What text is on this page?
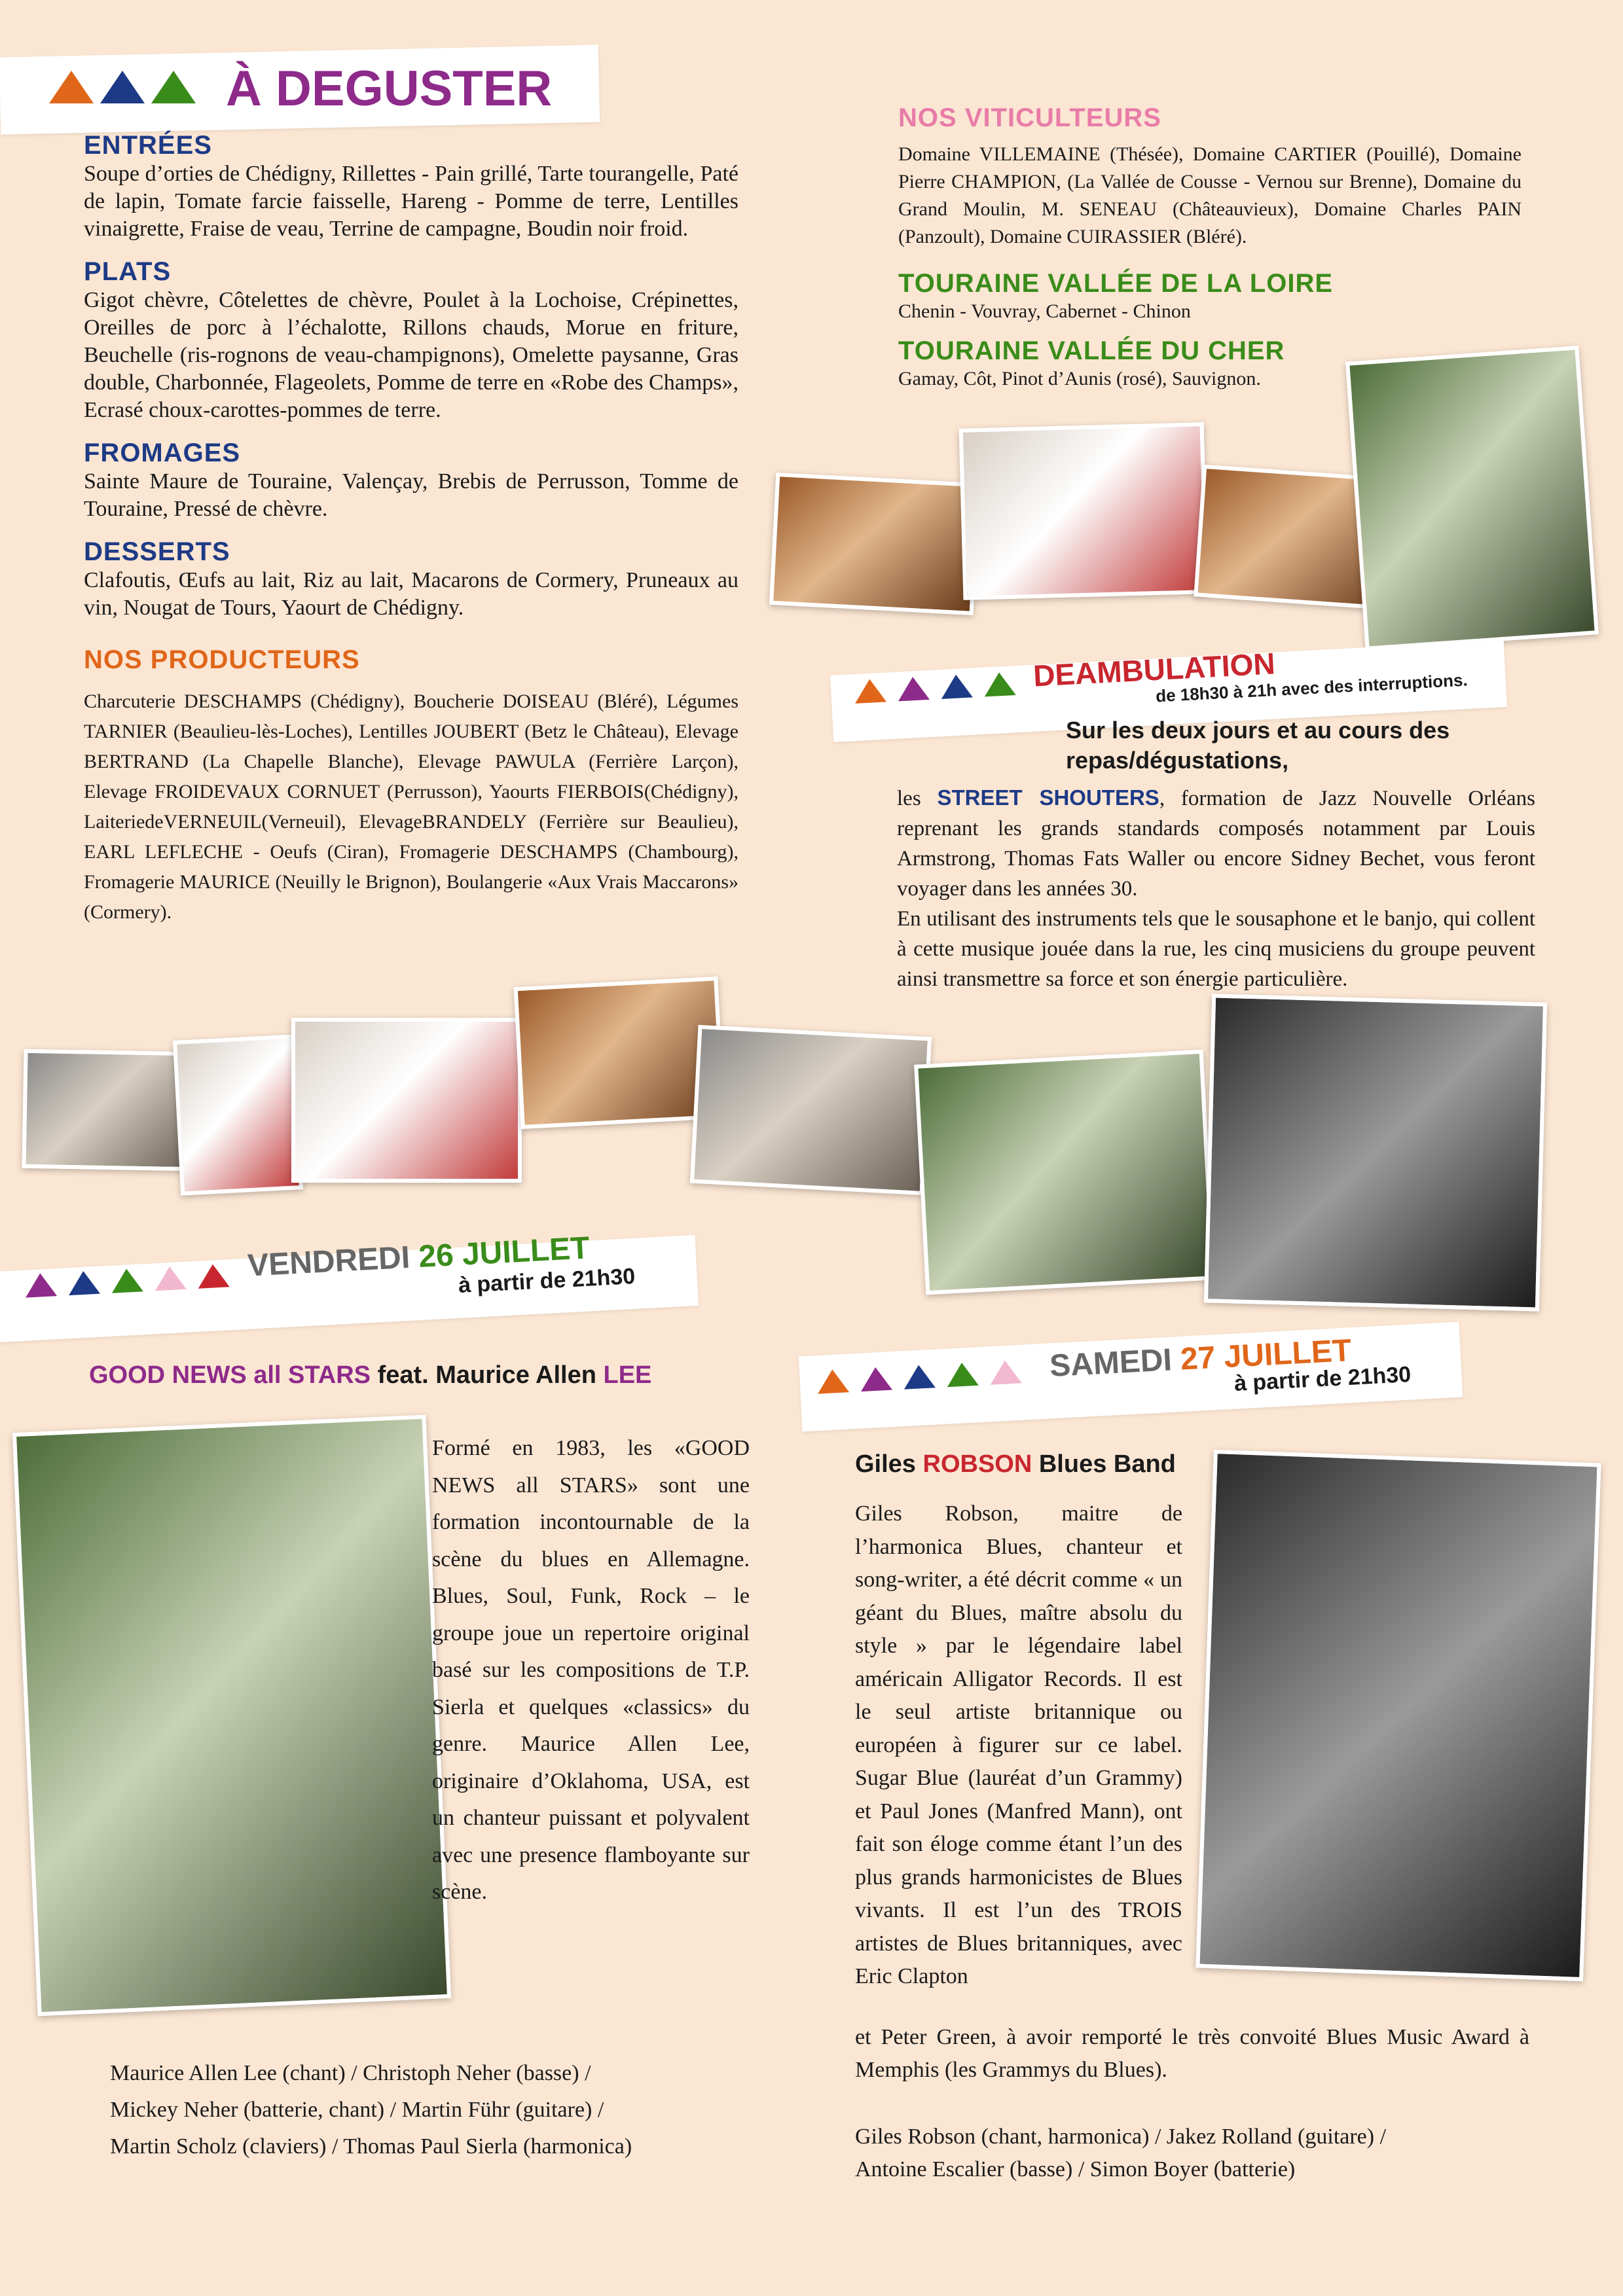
À DEGUSTER
ENTRÉES
Soupe d’orties de Chédigny, Rillettes - Pain grillé, Tarte tourangelle, Paté de lapin, Tomate farcie faisselle, Hareng - Pomme de terre, Lentilles vinaigrette, Fraise de veau, Terrine de campagne, Boudin noir froid.
PLATS
Gigot chèvre, Côtelettes de chèvre, Poulet à la Lochoise, Crépinettes, Oreilles de porc à l’échalotte, Rillons chauds, Morue en friture, Beuchelle (ris-rognons de veau-champignons), Omelette paysanne, Gras double, Charbonnée, Flageolets, Pomme de terre en «Robe des Champs», Ecrasé choux-carottes-pommes de terre.
FROMAGES
Sainte Maure de Touraine, Valençay, Brebis de Perrusson, Tomme de Touraine, Pressé de chèvre.
DESSERTS
Clafoutis, Œufs au lait, Riz au lait, Macarons de Cormery, Pruneaux au vin, Nougat de Tours, Yaourt de Chédigny.
NOS PRODUCTEURS
Charcuterie DESCHAMPS (Chédigny), Boucherie DOISEAU (Bléré), Légumes TARNIER (Beaulieu-lès-Loches), Lentilles JOUBERT (Betz le Château), Elevage BERTRAND (La Chapelle Blanche), Elevage PAWULA (Ferrière Larçon), Elevage FROIDEVAUX CORNUET (Perrusson), Yaourts FIERBOIS(Chédigny), LaiteriedeVERNEUIL(Verneuil), ElevageBRANDELY (Ferrière sur Beaulieu), EARL LEFLECHE - Oeufs (Ciran), Fromagerie DESCHAMPS (Chambourg), Fromagerie MAURICE (Neuilly le Brignon), Boulangerie «Aux Vrais Maccarons» (Cormery).
NOS VITICULTEURS
Domaine VILLEMAINE (Thésée), Domaine CARTIER (Pouillé), Domaine Pierre CHAMPION, (La Vallée de Cousse - Vernou sur Brenne), Domaine du Grand Moulin, M. SENEAU (Châteauvieux), Domaine Charles PAIN (Panzoult), Domaine CUIRASSIER (Bléré).
TOURAINE VALLÉE DE LA LOIRE
Chenin - Vouvray, Cabernet - Chinon
TOURAINE VALLÉE DU CHER
Gamay, Côt, Pinot d’Aunis (rosé), Sauvignon.
DEAMBULATION
de 18h30 à 21h avec des interruptions.
Sur les deux jours et au cours des repas/dégustations,
les STREET SHOUTERS, formation de Jazz Nouvelle Orléans reprenant les grands standards composés notamment par Louis Armstrong, Thomas Fats Waller ou encore Sidney Bechet, vous feront voyager dans les années 30.
En utilisant des instruments tels que le sousaphone et le banjo, qui collent à cette musique jouée dans la rue, les cinq musiciens du groupe peuvent ainsi transmettre sa force et son énergie particulière.
VENDREDI 26 JUILLET
à partir de 21h30
GOOD NEWS all STARS feat. Maurice Allen LEE
Formé en 1983, les «GOOD NEWS all STARS» sont une formation incontournable de la scène du blues en Allemagne. Blues, Soul, Funk, Rock – le groupe joue un repertoire original basé sur les compositions de T.P. Sierla et quelques «classics» du genre. Maurice Allen Lee, originaire d’Oklahoma, USA, est un chanteur puissant et polyvalent avec une presence flamboyante sur scène.
Maurice Allen Lee (chant) / Christoph Neher (basse) /
Mickey Neher (batterie, chant) / Martin Führ (guitare) /
Martin Scholz (claviers) / Thomas Paul Sierla (harmonica)
SAMEDI 27 JUILLET
à partir de 21h30
Giles ROBSON Blues Band
Giles Robson, maitre de l’harmonica Blues, chanteur et song-writer, a été décrit comme « un géant du Blues, maître absolu du style » par le légendaire label américain Alligator Records. Il est le seul artiste britannique ou européen à figurer sur ce label. Sugar Blue (lauréat d’un Grammy) et Paul Jones (Manfred Mann), ont fait son éloge comme étant l’un des plus grands harmonicistes de Blues vivants. Il est l’un des TROIS artistes de Blues britanniques, avec Eric Clapton
et Peter Green, à avoir remporté le très convoité Blues Music Award à Memphis (les Grammys du Blues).
Giles Robson (chant, harmonica) / Jakez Rolland (guitare) /
Antoine Escalier (basse) / Simon Boyer (batterie)
